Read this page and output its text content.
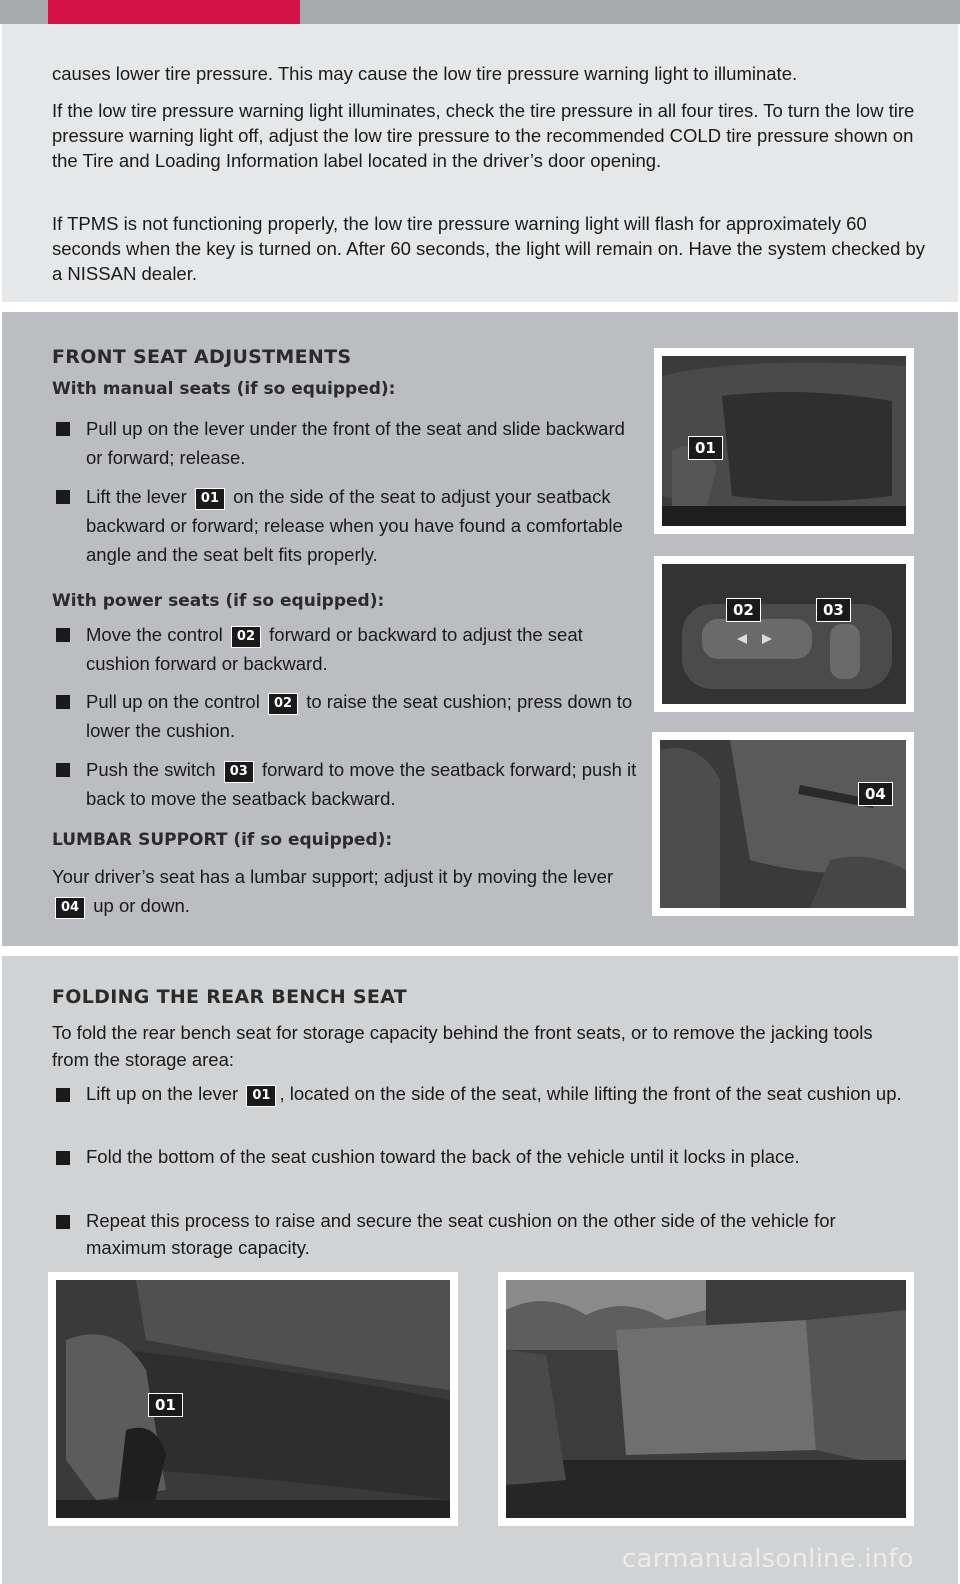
causes lower tire pressure. This may cause the low tire pressure warning light to illuminate.

If the low tire pressure warning light illuminates, check the tire pressure in all four tires. To turn the low tire pressure warning light off, adjust the low tire pressure to the recommended COLD tire pressure shown on the Tire and Loading Information label located in the driver’s door opening.

If TPMS is not functioning properly, the low tire pressure warning light will flash for approximately 60 seconds when the key is turned on. After 60 seconds, the light will remain on. Have the system checked by a NISSAN dealer.

FRONT SEAT ADJUSTMENTS
With manual seats (if so equipped):
Pull up on the lever under the front of the seat and slide backward or forward; release.
Lift the lever 01 on the side of the seat to adjust your seatback backward or forward; release when you have found a comfortable angle and the seat belt fits properly.
With power seats (if so equipped):
Move the control 02 forward or backward to adjust the seat cushion forward or backward.
Pull up on the control 02 to raise the seat cushion; press down to lower the cushion.
Push the switch 03 forward to move the seatback forward; push it back to move the seatback backward.
LUMBAR SUPPORT (if so equipped):
Your driver’s seat has a lumbar support; adjust it by moving the lever 04 up or down.
01
02	03
04
FOLDING THE REAR BENCH SEAT

To fold the rear bench seat for storage capacity behind the front seats, or to remove the jacking tools from the storage area:

Lift up on the lever 01 , located on the side of the seat, while lifting the front of the seat cushion up.
Fold the bottom of the seat cushion toward the back of the vehicle until it locks in place.
Repeat this process to raise and secure the seat cushion on the other side of the vehicle for maximum storage capacity.
01
carmanualsonline.info
